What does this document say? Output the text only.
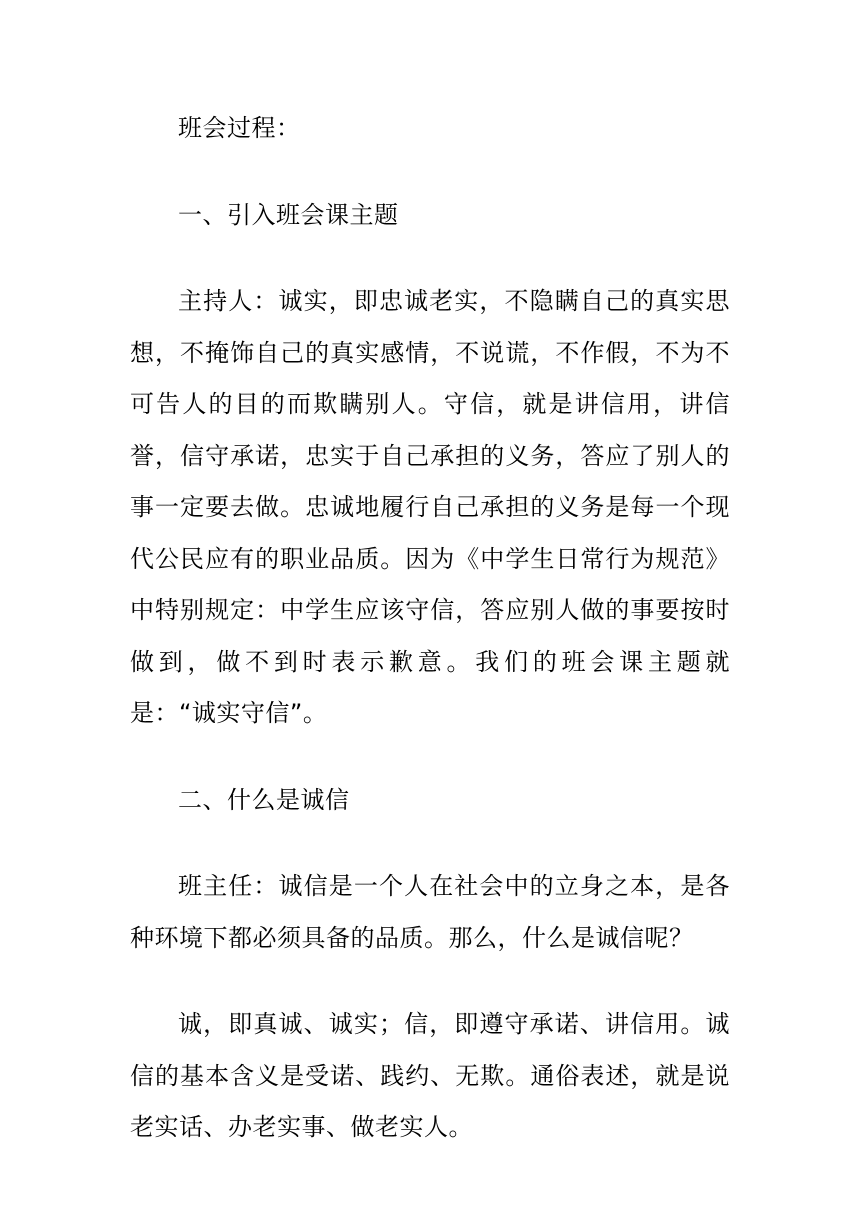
班会过程：

一、引入班会课主题

主持人：诚实，即忠诚老实，不隐瞒自己的真实思想，不掩饰自己的真实感情，不说谎，不作假，不为不可告人的目的而欺瞒别人。守信，就是讲信用，讲信誉，信守承诺，忠实于自己承担的义务，答应了别人的事一定要去做。忠诚地履行自己承担的义务是每一个现代公民应有的职业品质。因为《中学生日常行为规范》中特别规定：中学生应该守信，答应别人做的事要按时做到，做不到时表示歉意。我们的班会课主题就是：“诚实守信”。

二、什么是诚信

班主任：诚信是一个人在社会中的立身之本，是各种环境下都必须具备的品质。那么，什么是诚信呢？

诚，即真诚、诚实；信，即遵守承诺、讲信用。诚信的基本含义是受诺、践约、无欺。通俗表述，就是说老实话、办老实事、做老实人。
